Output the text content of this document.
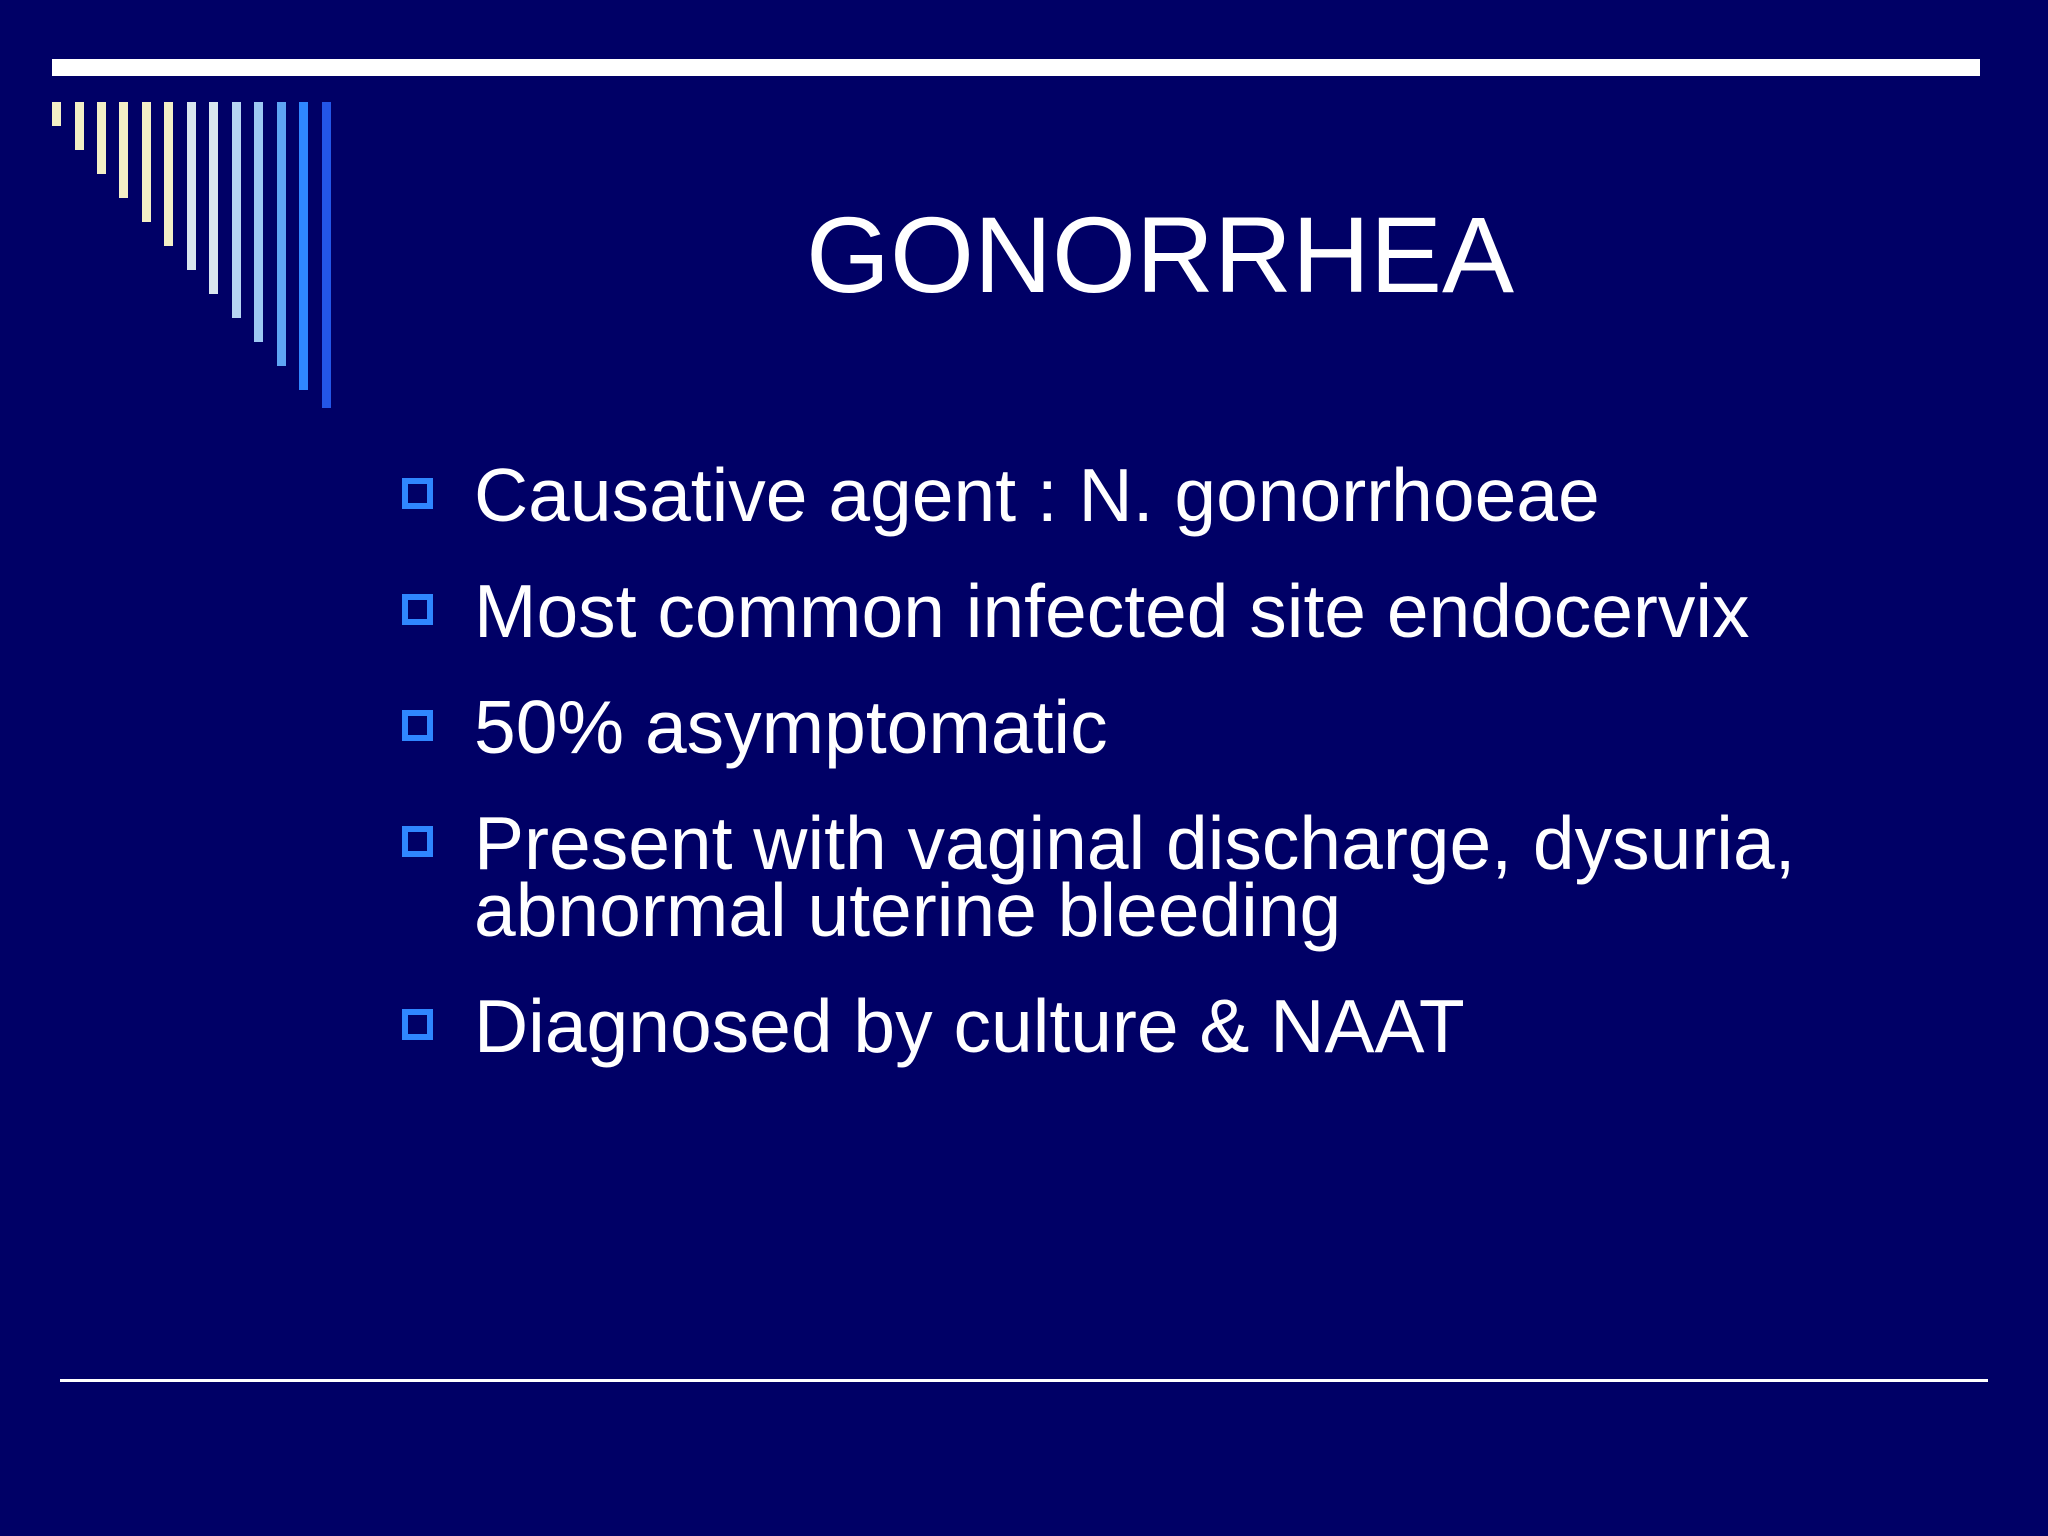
GONORRHEA
Causative agent : N. gonorrhoeae
Most common infected site endocervix
50% asymptomatic
Present with vaginal discharge, dysuria, abnormal uterine bleeding
Diagnosed by culture & NAAT
